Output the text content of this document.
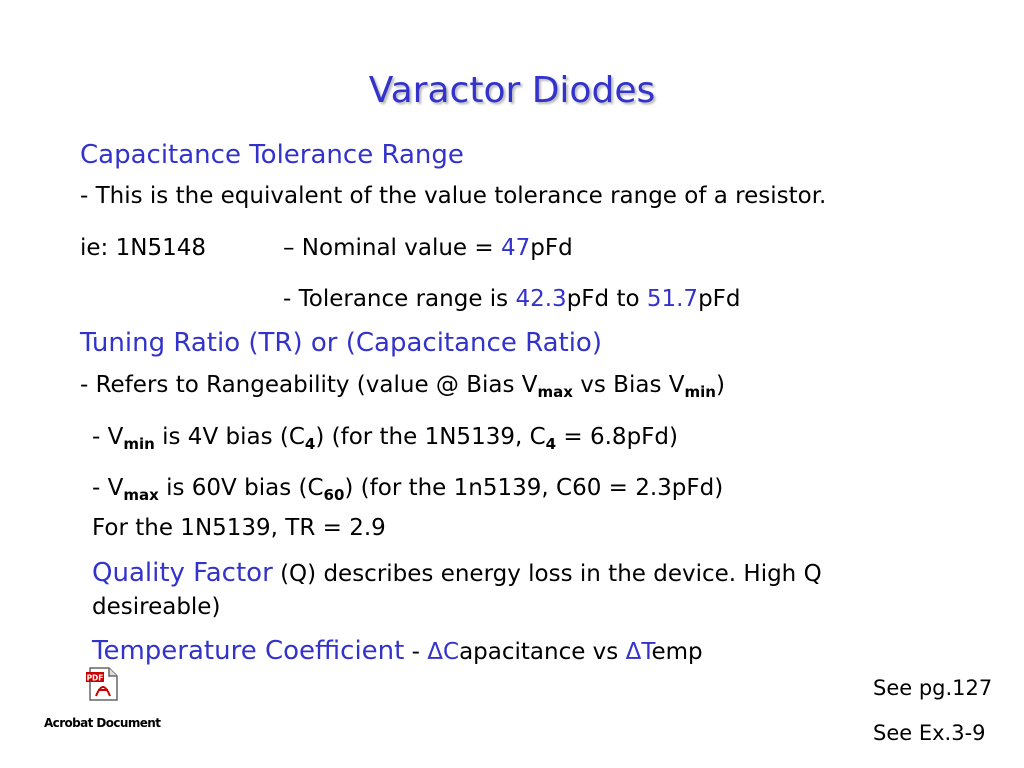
Varactor Diodes
Capacitance Tolerance Range
- This is the equivalent of the value tolerance range of a resistor.
ie: 1N5148	– Nominal value = 47pFd
- Tolerance range is 42.3pFd to 51.7pFd
Tuning Ratio (TR) or (Capacitance Ratio)
- Refers to Rangeability (value @ Bias $V_{max}$ vs Bias $V_{min}$)
- $V_{min}$ is 4V bias $(C_4)$ (for the 1N5139, $C_4 = 6.8pFd$)
- $V_{max}$ is 60V bias $(C_{60})$ (for the 1n5139, C60 = 2.3pFd)
For the 1N5139, TR = 2.9
Quality Factor (Q) describes energy loss in the device. High Q
desireable)
Temperature Coefficient - ΔCapacitance vs ΔTemp
PDF
Acrobat Document
See pg.127
See Ex.3-9
